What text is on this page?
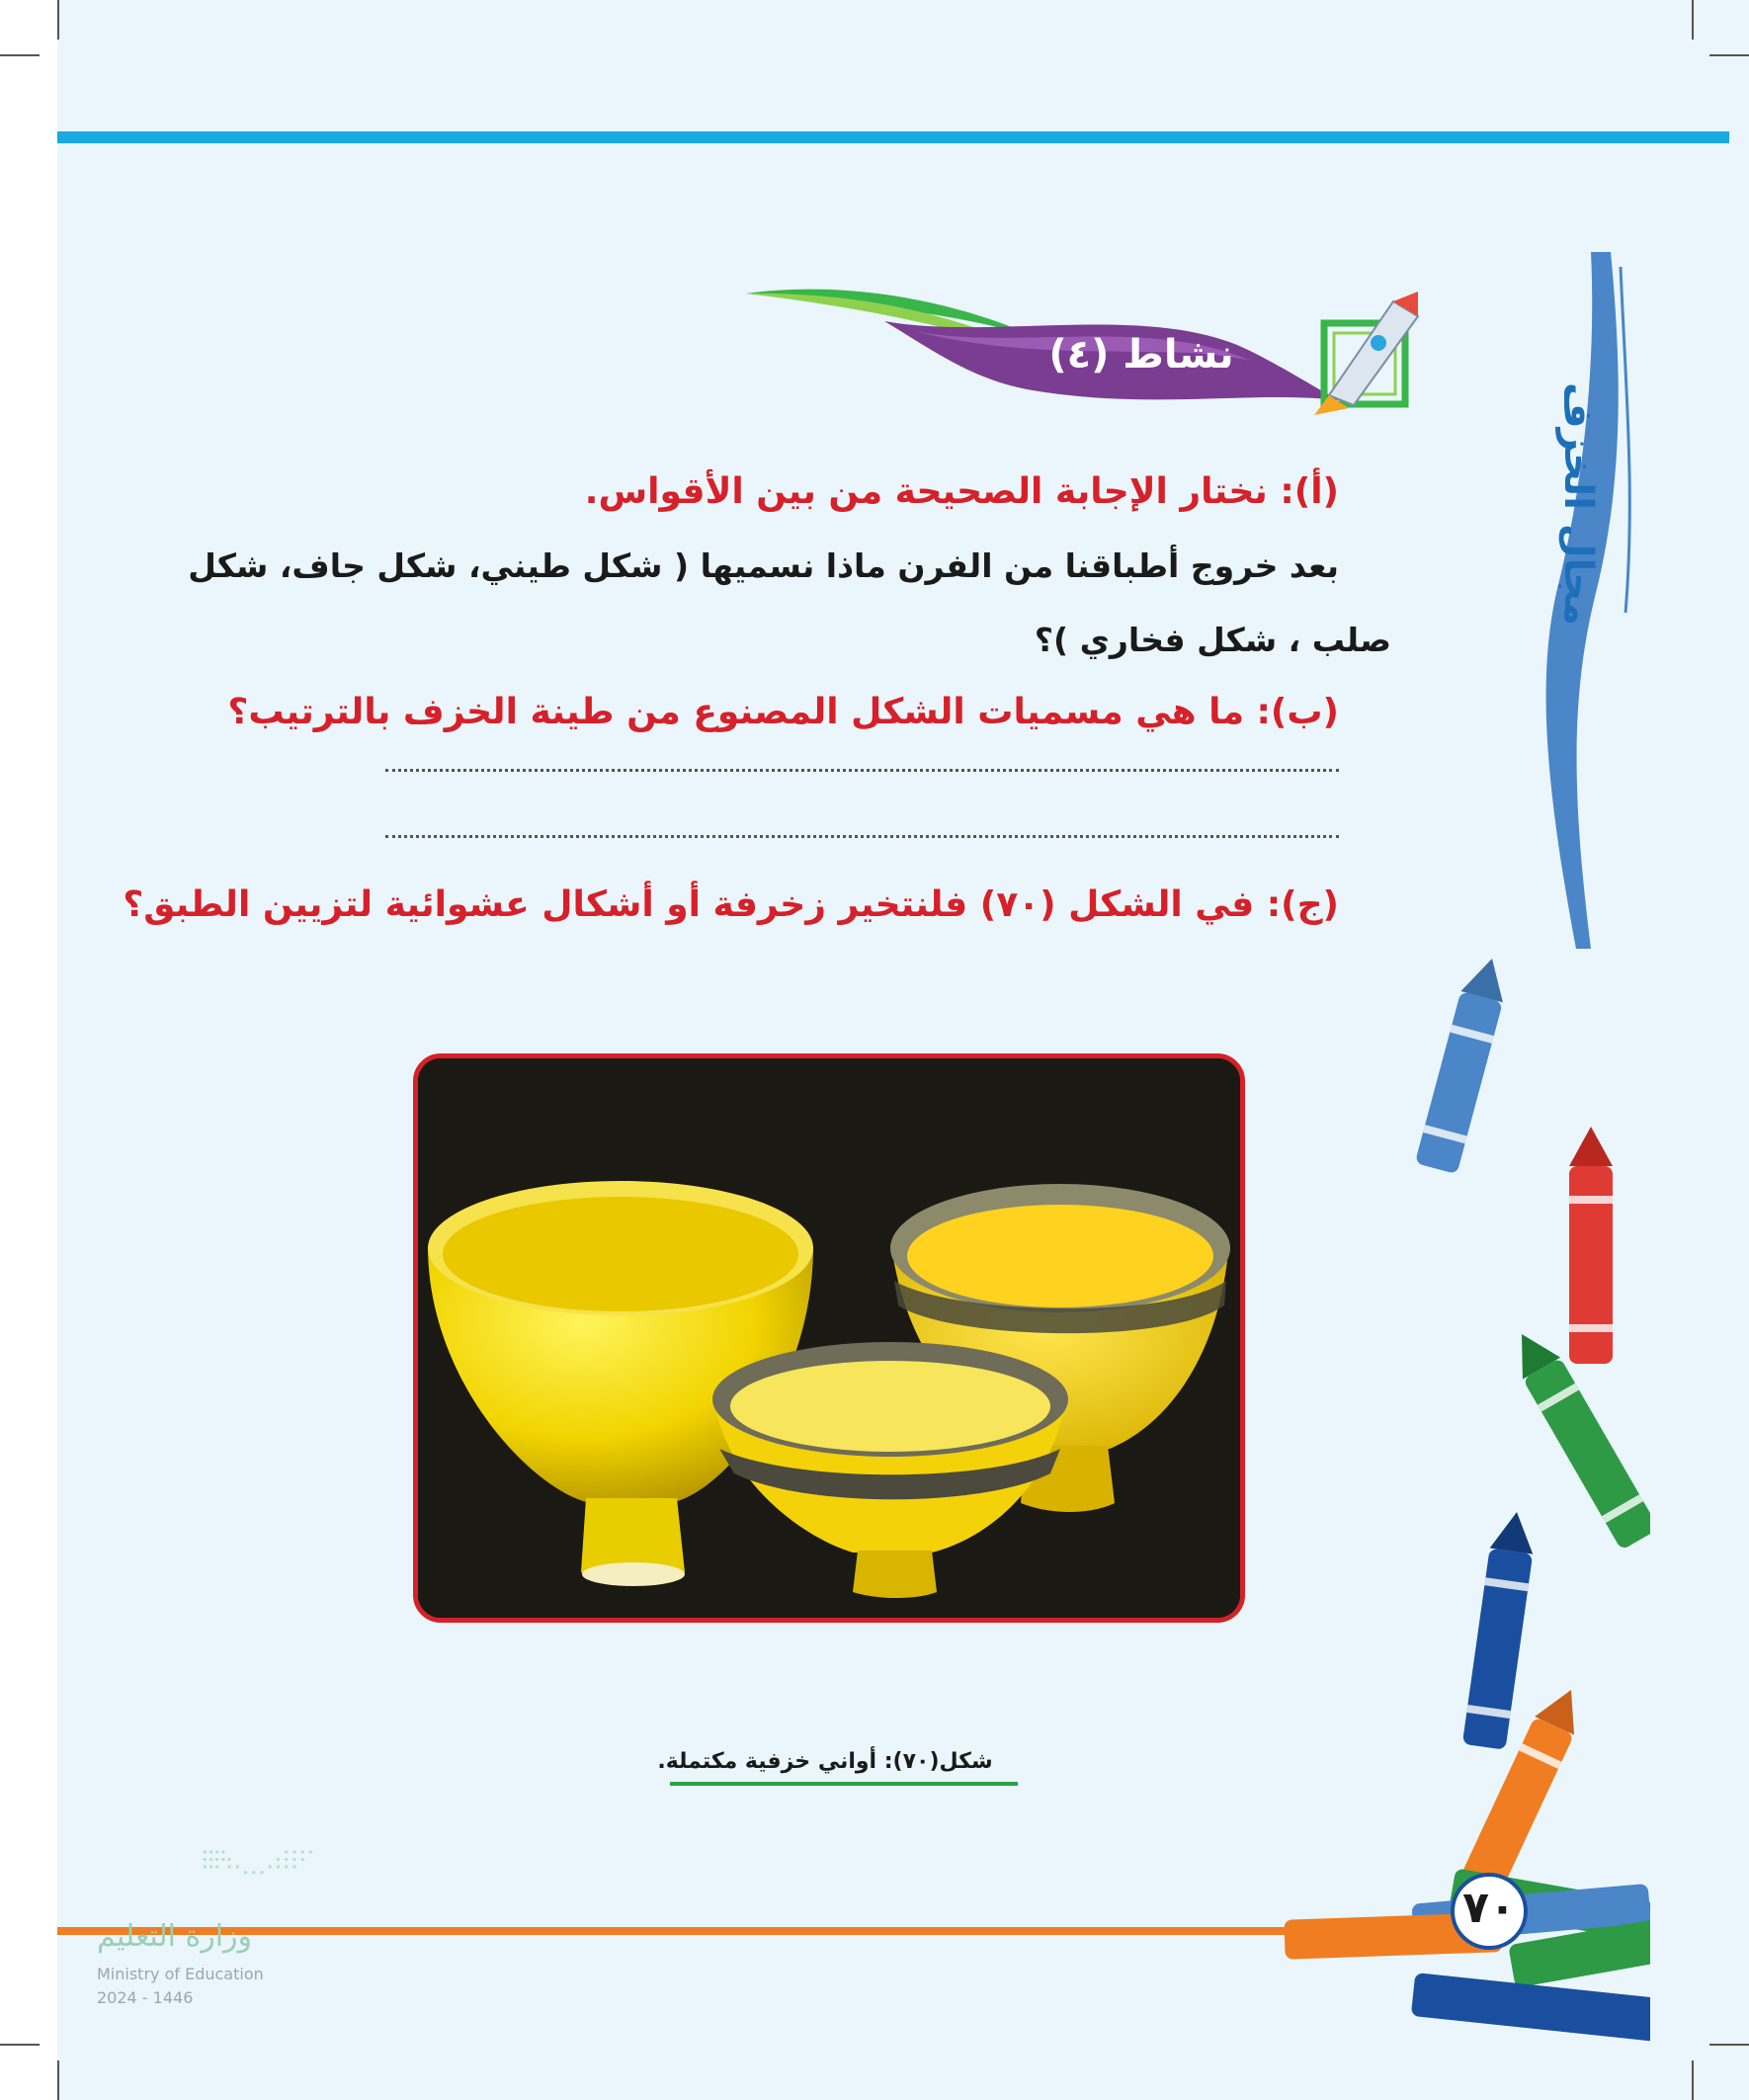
نشاط (٤)
مجال الخزف
(أ): نختار الإجابة الصحيحة من بين الأقواس.
بعد خروج أطباقنا من الفرن ماذا نسميها ( شكل طيني، شكل جاف، شكل
صلب ، شكل فخاري )؟
(ب): ما هي مسميات الشكل المصنوع من طينة الخزف بالترتيب؟
(ج): في الشكل (٧٠) فلنتخير زخرفة أو أشكال عشوائية لتزيين الطبق؟
شكل(٧٠): أواني خزفية مكتملة.
٧٠
وزارة التعليم
Ministry of Education
2024 - 1446
